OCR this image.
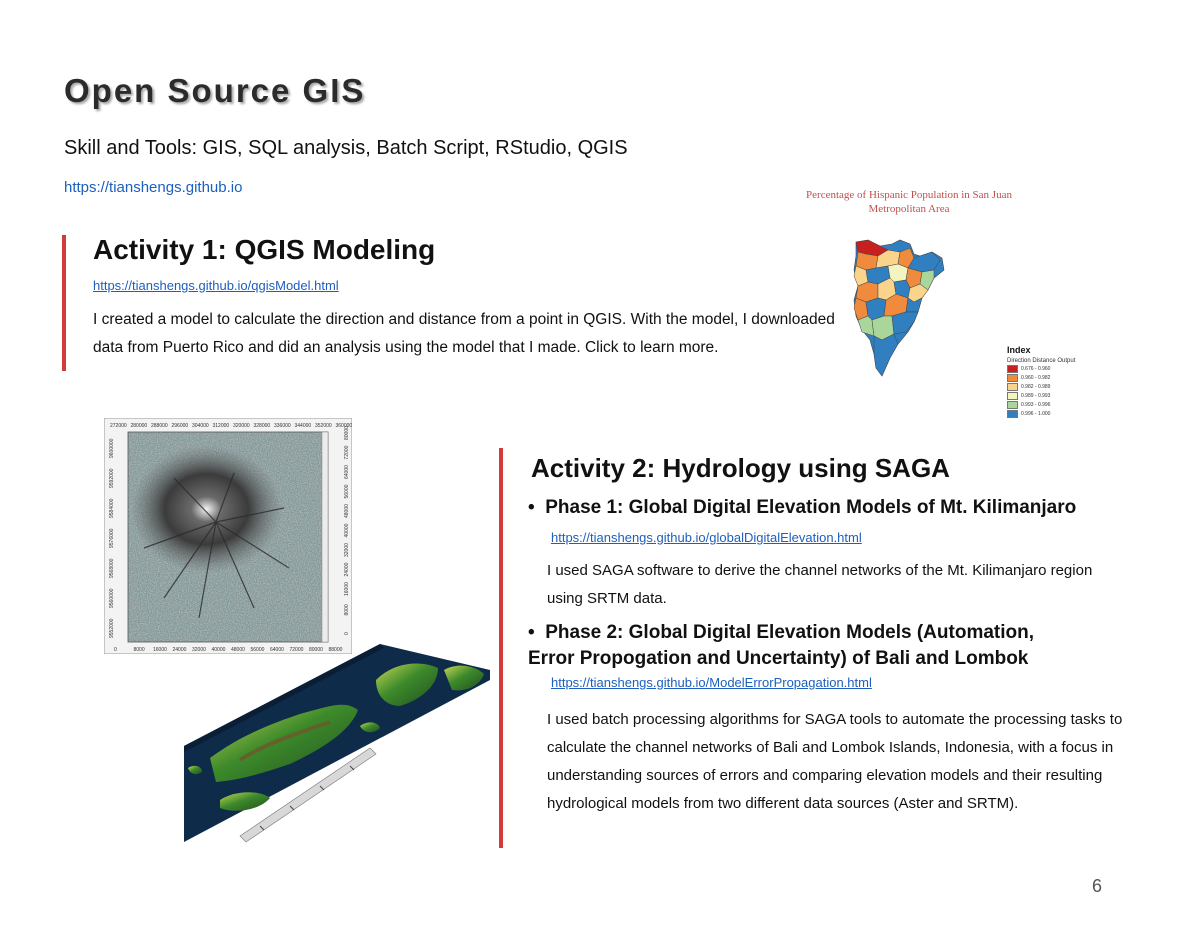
Open Source GIS
Skill and Tools: GIS, SQL analysis, Batch Script, RStudio, QGIS
https://tianshengs.github.io
Activity 1: QGIS Modeling
https://tianshengs.github.io/qgisModel.html
I created a model to calculate the direction and distance from a point in QGIS. With the model, I downloaded data from Puerto Rico and did an analysis using the model that I made. Click to learn more.
Percentage of Hispanic Population in San Juan
Metropolitan Area
Index
Direction Distance Output
0.676 - 0.960
0.960 - 0.982
0.982 - 0.989
0.989 - 0.993
0.993 - 0.996
0.996 - 1.000
272000 280000 288000 296000 304000 312000 320000 328000 336000 344000 352000 360000
0	8000 16000 24000 32000 40000 48000 56000 64000 72000 80000 88000
9600000
9592000
9584000
9576000
9568000
9560000
9552000
80000
72000
64000
56000
48000
40000
32000
24000
16000
8000
0
Activity 2: Hydrology using SAGA
•  Phase 1: Global Digital Elevation Models of Mt. Kilimanjaro
https://tianshengs.github.io/globalDigitalElevation.html
I used SAGA software to derive the channel networks of the Mt. Kilimanjaro region using SRTM data.
•  Phase 2: Global Digital Elevation Models (Automation,
Error Propogation and Uncertainty) of Bali and Lombok
https://tianshengs.github.io/ModelErrorPropagation.html
I used batch processing algorithms for SAGA tools to automate the processing tasks to calculate the channel networks of Bali and Lombok Islands, Indonesia, with a focus in understanding sources of errors and comparing elevation models and their resulting hydrological models from two different data sources (Aster and SRTM).
6
